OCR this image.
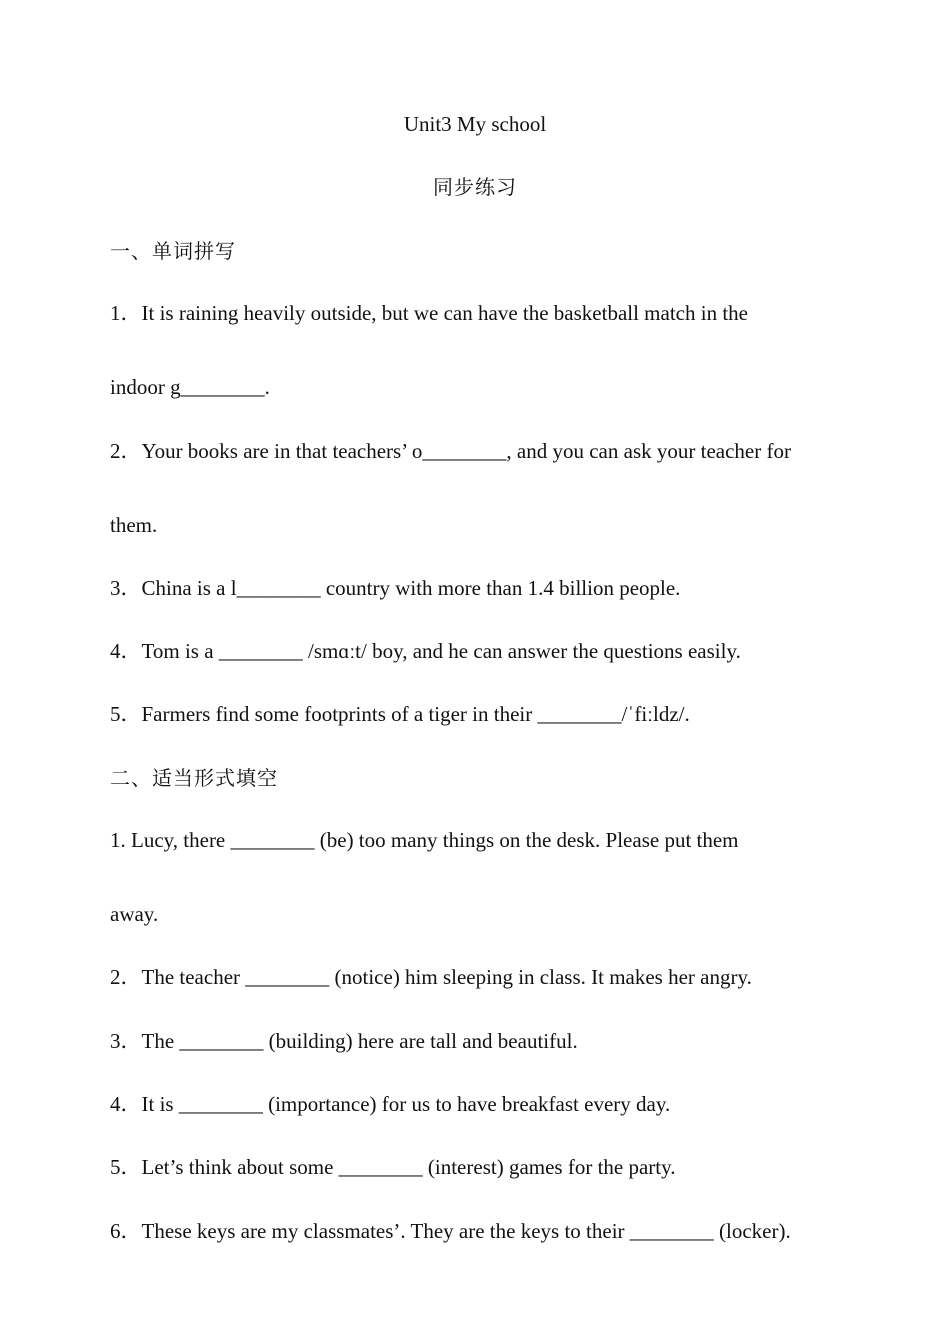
Unit3 My school
同步练习
一、单词拼写
1．It is raining heavily outside, but we can have the basketball match in the
indoor g________.
2．Your books are in that teachers’ o________, and you can ask your teacher for
them.
3．China is a l________ country with more than 1.4 billion people.
4．Tom is a ________ /smɑːt/ boy, and he can answer the questions easily.
5．Farmers find some footprints of a tiger in their ________/ˈfiːldz/.
二、适当形式填空
1. Lucy, there ________ (be) too many things on the desk. Please put them
away.
2．The teacher ________ (notice) him sleeping in class. It makes her angry.
3．The ________ (building) here are tall and beautiful.
4．It is ________ (importance) for us to have breakfast every day.
5．Let’s think about some ________ (interest) games for the party.
6．These keys are my classmates’. They are the keys to their ________ (locker).
